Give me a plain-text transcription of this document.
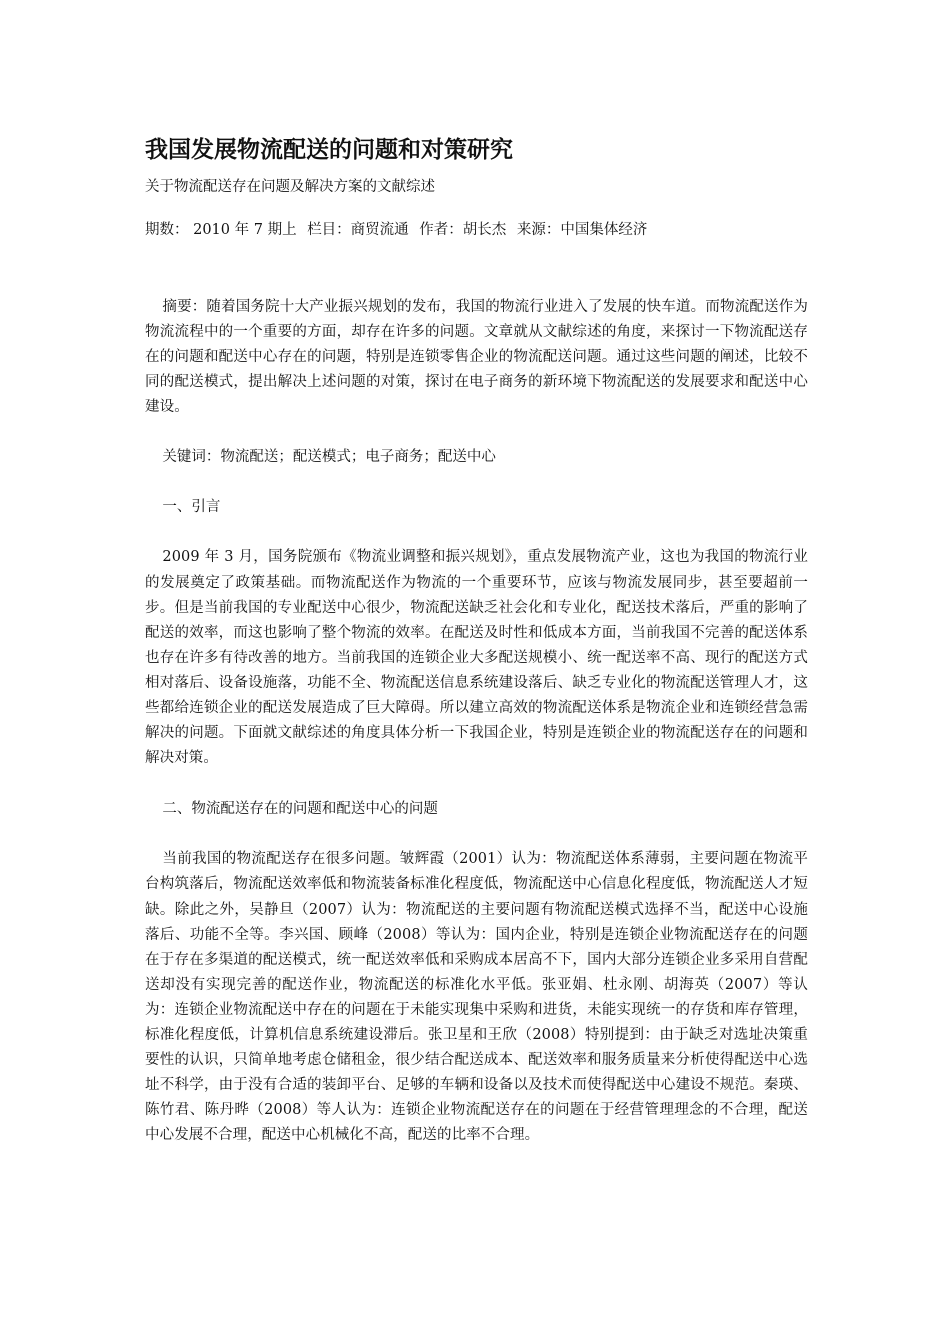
我国发展物流配送的问题和对策研究

关于物流配送存在问题及解决方案的文献综述

期数： 2010 年 7 期上 栏目：商贸流通 作者：胡长杰 来源：中国集体经济

摘要：随着国务院十大产业振兴规划的发布，我国的物流行业进入了发展的快车道。而物流配送作为物流流程中的一个重要的方面，却存在许多的问题。文章就从文献综述的角度，来探讨一下物流配送存在的问题和配送中心存在的问题，特别是连锁零售企业的物流配送问题。通过这些问题的阐述，比较不同的配送模式，提出解决上述问题的对策，探讨在电子商务的新环境下物流配送的发展要求和配送中心建设。

关键词：物流配送；配送模式；电子商务；配送中心

一、引言

2009 年 3 月，国务院颁布《物流业调整和振兴规划》，重点发展物流产业，这也为我国的物流行业的发展奠定了政策基础。而物流配送作为物流的一个重要环节，应该与物流发展同步，甚至要超前一步。但是当前我国的专业配送中心很少，物流配送缺乏社会化和专业化，配送技术落后，严重的影响了配送的效率，而这也影响了整个物流的效率。在配送及时性和低成本方面，当前我国不完善的配送体系也存在许多有待改善的地方。当前我国的连锁企业大多配送规模小、统一配送率不高、现行的配送方式相对落后、设备设施落，功能不全、物流配送信息系统建设落后、缺乏专业化的物流配送管理人才，这些都给连锁企业的配送发展造成了巨大障碍。所以建立高效的物流配送体系是物流企业和连锁经营急需解决的问题。下面就文献综述的角度具体分析一下我国企业，特别是连锁企业的物流配送存在的问题和解决对策。

二、物流配送存在的问题和配送中心的问题

当前我国的物流配送存在很多问题。皱辉霞（2001）认为：物流配送体系薄弱，主要问题在物流平台构筑落后，物流配送效率低和物流装备标准化程度低，物流配送中心信息化程度低，物流配送人才短缺。除此之外，吴静旦（2007）认为：物流配送的主要问题有物流配送模式选择不当，配送中心设施落后、功能不全等。李兴国、顾峰（2008）等认为：国内企业，特别是连锁企业物流配送存在的问题在于存在多渠道的配送模式，统一配送效率低和采购成本居高不下，国内大部分连锁企业多采用自营配送却没有实现完善的配送作业，物流配送的标准化水平低。张亚娟、杜永刚、胡海英（2007）等认为：连锁企业物流配送中存在的问题在于未能实现集中采购和进货，未能实现统一的存货和库存管理，标准化程度低，计算机信息系统建设滞后。张卫星和王欣（2008）特别提到：由于缺乏对选址决策重要性的认识，只简单地考虑仓储租金，很少结合配送成本、配送效率和服务质量来分析使得配送中心选址不科学，由于没有合适的装卸平台、足够的车辆和设备以及技术而使得配送中心建设不规范。秦瑛、陈竹君、陈丹晔（2008）等人认为：连锁企业物流配送存在的问题在于经营管理理念的不合理，配送中心发展不合理，配送中心机械化不高，配送的比率不合理。
